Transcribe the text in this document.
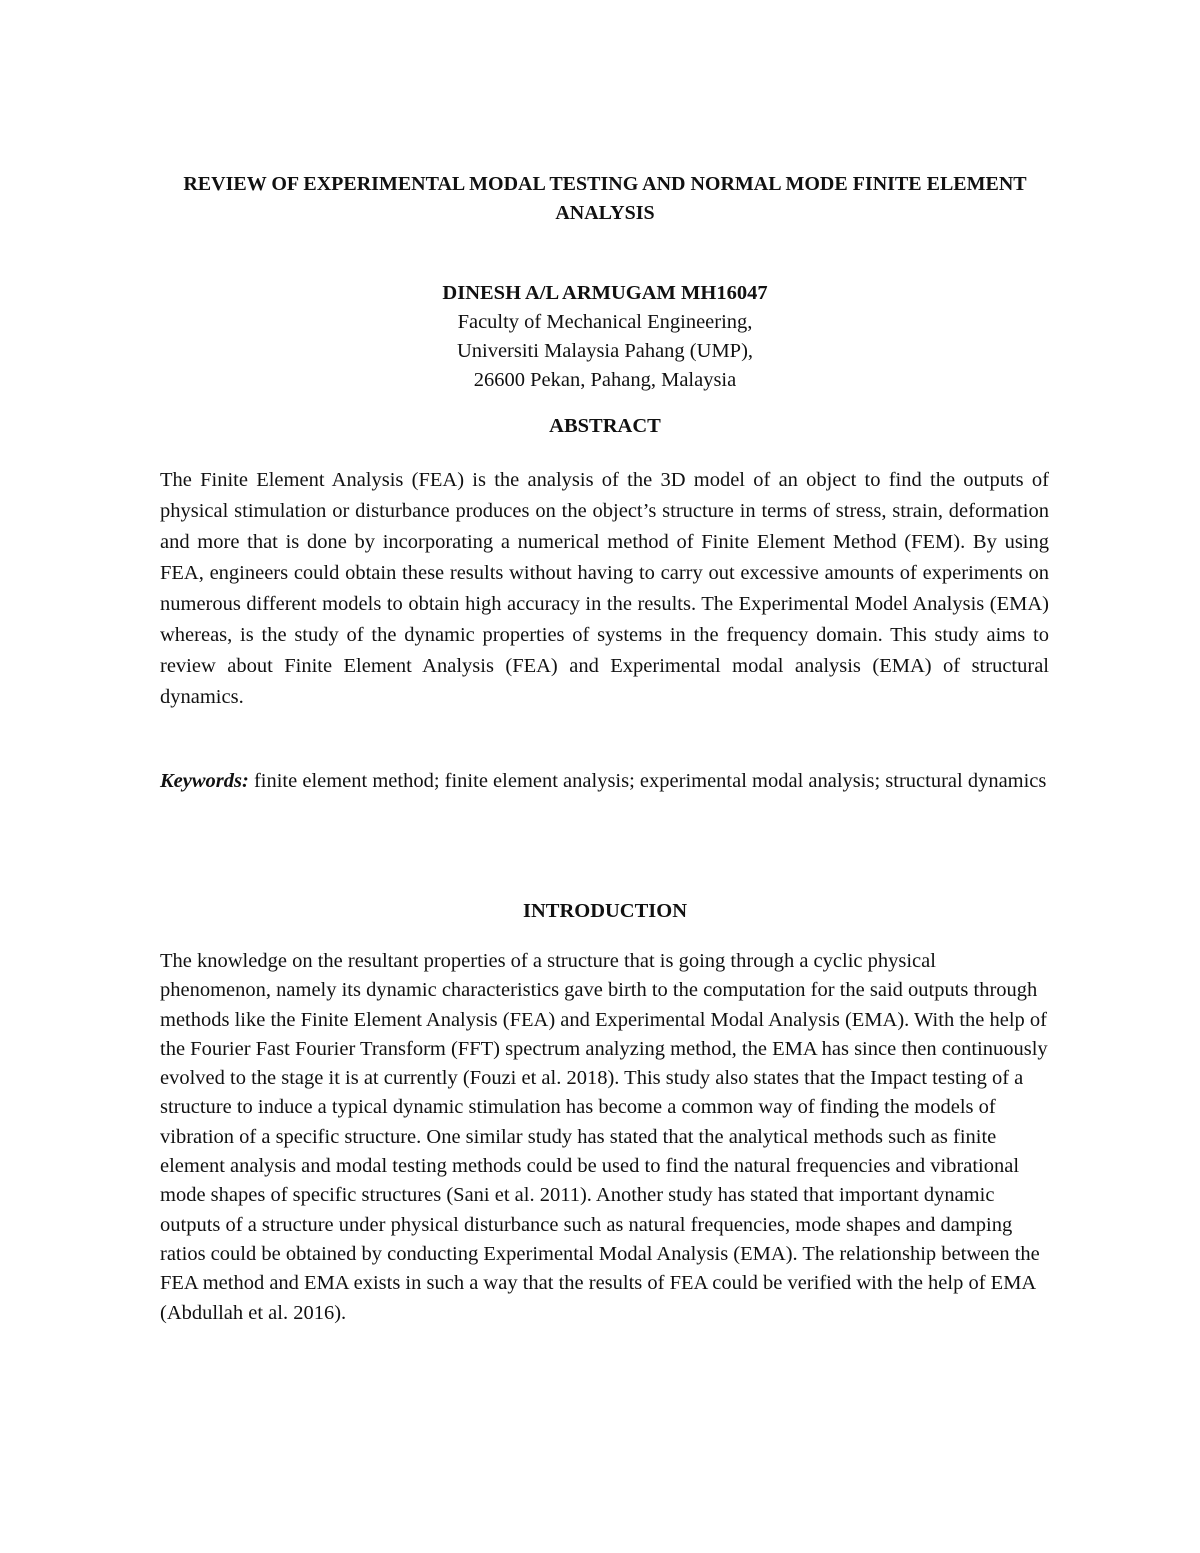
REVIEW OF EXPERIMENTAL MODAL TESTING AND NORMAL MODE FINITE ELEMENT ANALYSIS
DINESH A/L ARMUGAM MH16047
Faculty of Mechanical Engineering,
Universiti Malaysia Pahang (UMP),
26600 Pekan, Pahang, Malaysia
ABSTRACT

The Finite Element Analysis (FEA) is the analysis of the 3D model of an object to find the outputs of physical stimulation or disturbance produces on the object’s structure in terms of stress, strain, deformation and more that is done by incorporating a numerical method of Finite Element Method (FEM). By using FEA, engineers could obtain these results without having to carry out excessive amounts of experiments on numerous different models to obtain high accuracy in the results. The Experimental Model Analysis (EMA) whereas, is the study of the dynamic properties of systems in the frequency domain. This study aims to review about Finite Element Analysis (FEA) and Experimental modal analysis (EMA) of structural dynamics.

Keywords: finite element method; finite element analysis; experimental modal analysis; structural dynamics

INTRODUCTION

The knowledge on the resultant properties of a structure that is going through a cyclic physical phenomenon, namely its dynamic characteristics gave birth to the computation for the said outputs through methods like the Finite Element Analysis (FEA) and Experimental Modal Analysis (EMA). With the help of the Fourier Fast Fourier Transform (FFT) spectrum analyzing method, the EMA has since then continuously evolved to the stage it is at currently (Fouzi et al. 2018). This study also states that the Impact testing of a structure to induce a typical dynamic stimulation has become a common way of finding the models of vibration of a specific structure. One similar study has stated that the analytical methods such as finite element analysis and modal testing methods could be used to find the natural frequencies and vibrational mode shapes of specific structures (Sani et al. 2011). Another study has stated that important dynamic outputs of a structure under physical disturbance such as natural frequencies, mode shapes and damping ratios could be obtained by conducting Experimental Modal Analysis (EMA). The relationship between the FEA method and EMA exists in such a way that the results of FEA could be verified with the help of EMA (Abdullah et al. 2016).
